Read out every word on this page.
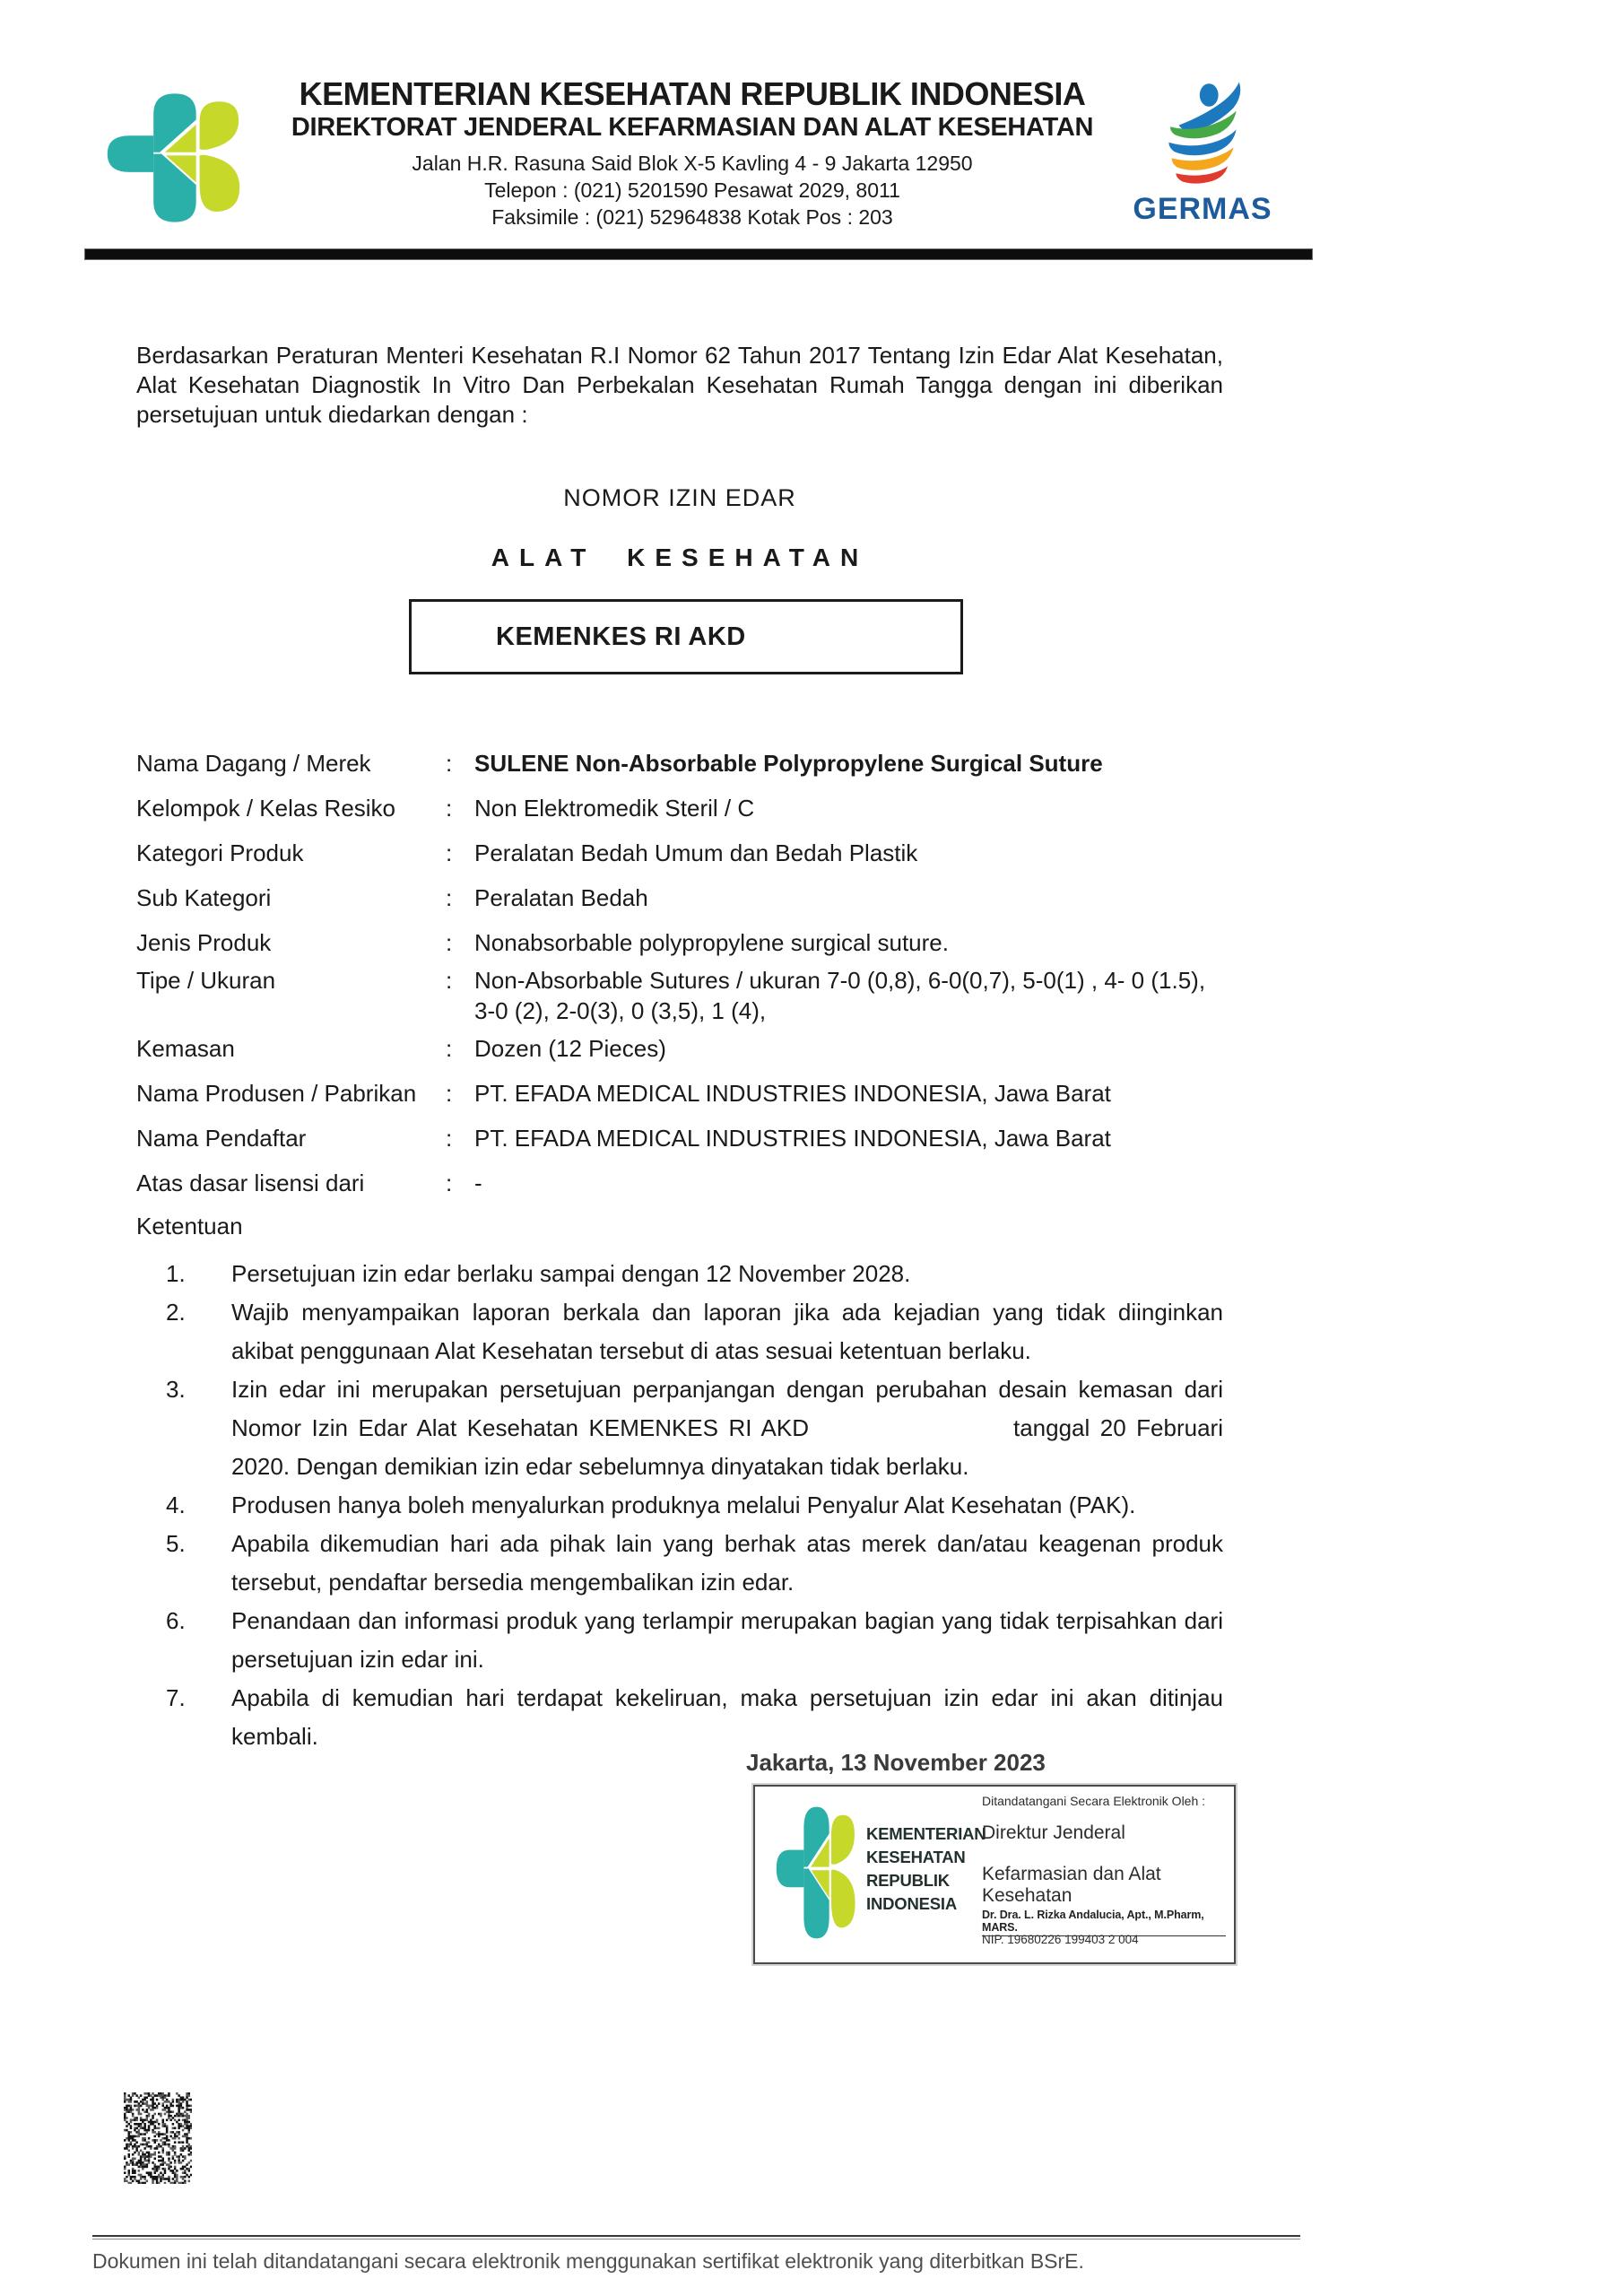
KEMENTERIAN KESEHATAN REPUBLIK INDONESIA
DIREKTORAT JENDERAL KEFARMASIAN DAN ALAT KESEHATAN
Jalan H.R. Rasuna Said Blok X-5 Kavling 4 - 9 Jakarta 12950
Telepon : (021) 5201590 Pesawat 2029, 8011
Faksimile : (021) 52964838 Kotak Pos : 203	GERMAS
Berdasarkan Peraturan Menteri Kesehatan R.I Nomor 62 Tahun 2017 Tentang Izin Edar Alat Kesehatan, Alat Kesehatan Diagnostik In Vitro Dan Perbekalan Kesehatan Rumah Tangga dengan ini diberikan persetujuan untuk diedarkan dengan :
NOMOR IZIN EDAR
ALAT KESEHATAN
KEMENKES RI AKD
Nama Dagang / Merek	: SULENE Non-Absorbable Polypropylene Surgical Suture
Kelompok / Kelas Resiko	: Non Elektromedik Steril / C
Kategori Produk	: Peralatan Bedah Umum dan Bedah Plastik
Sub Kategori	: Peralatan Bedah
Jenis Produk	: Nonabsorbable polypropylene surgical suture.
Tipe / Ukuran	: Non-Absorbable Sutures / ukuran 7-0 (0,8), 6-0(0,7), 5-0(1) , 4- 0 (1.5),
3-0 (2), 2-0(3), 0 (3,5), 1 (4),
Kemasan	: Dozen (12 Pieces)
Nama Produsen / Pabrikan	: PT. EFADA MEDICAL INDUSTRIES INDONESIA, Jawa Barat
Nama Pendaftar	: PT. EFADA MEDICAL INDUSTRIES INDONESIA, Jawa Barat
Atas dasar lisensi dari	: -
Ketentuan
1.	Persetujuan izin edar berlaku sampai dengan 12 November 2028.
2.	Wajib menyampaikan laporan berkala dan laporan jika ada kejadian yang tidak diinginkan akibat penggunaan Alat Kesehatan tersebut di atas sesuai ketentuan berlaku.
3.	Izin edar ini merupakan persetujuan perpanjangan dengan perubahan desain kemasan dari Nomor Izin Edar Alat Kesehatan KEMENKES RI AKD	tanggal 20 Februari 2020. Dengan demikian izin edar sebelumnya dinyatakan tidak berlaku.
4.	Produsen hanya boleh menyalurkan produknya melalui Penyalur Alat Kesehatan (PAK).
5.	Apabila dikemudian hari ada pihak lain yang berhak atas merek dan/atau keagenan produk tersebut, pendaftar bersedia mengembalikan izin edar.
6.	Penandaan dan informasi produk yang terlampir merupakan bagian yang tidak terpisahkan dari persetujuan izin edar ini.
7.	Apabila di kemudian hari terdapat kekeliruan, maka persetujuan izin edar ini akan ditinjau kembali.
Jakarta, 13 November 2023
KEMENTERIAN
KESEHATAN
REPUBLIK
INDONESIA
Ditandatangani Secara Elektronik Oleh :
Direktur Jenderal
Kefarmasian dan Alat Kesehatan
Dr. Dra. L. Rizka Andalucia, Apt., M.Pharm, MARS.
NIP. 19680226 199403 2 004
Dokumen ini telah ditandatangani secara elektronik menggunakan sertifikat elektronik yang diterbitkan BSrE.
